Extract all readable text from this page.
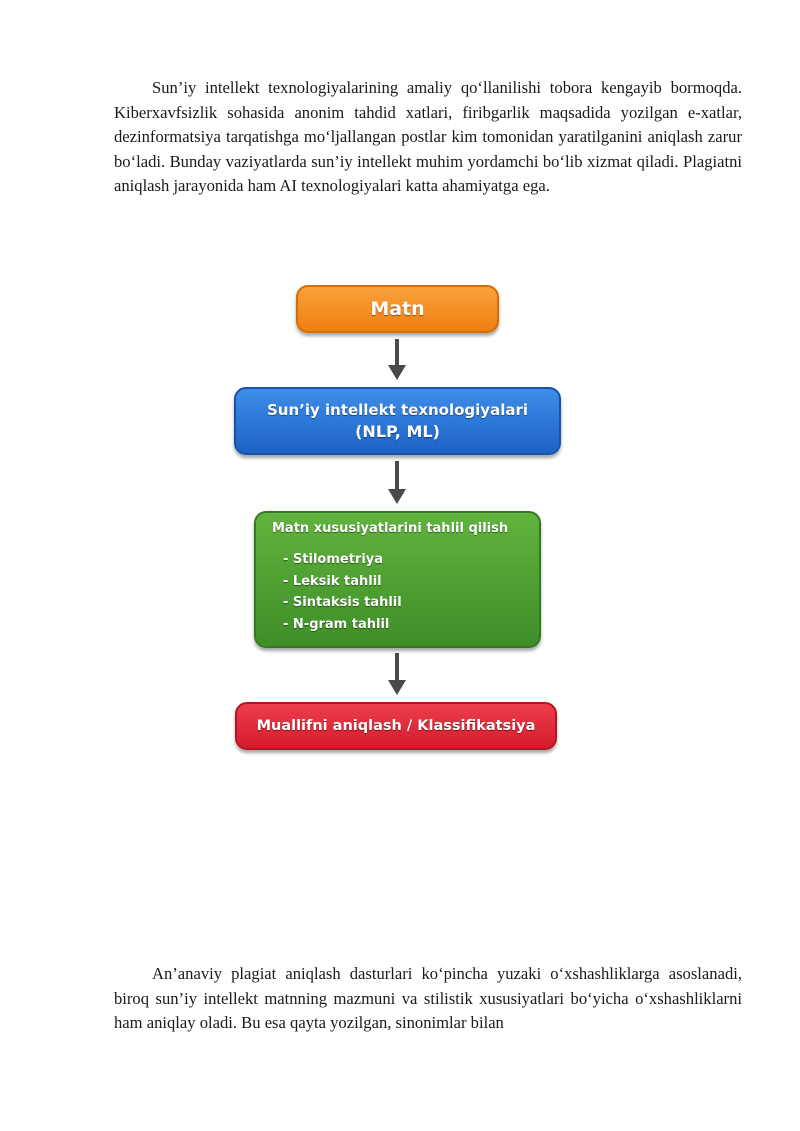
Sun’iy intellekt texnologiyalarining amaliy qo‘llanilishi tobora kengayib bormoqda. Kiberxavfsizlik sohasida anonim tahdid xatlari, firibgarlik maqsadida yozilgan e-xatlar, dezinformatsiya tarqatishga mo‘ljallangan postlar kim tomonidan yaratilganini aniqlash zarur bo‘ladi. Bunday vaziyatlarda sun’iy intellekt muhim yordamchi bo‘lib xizmat qiladi. Plagiatni aniqlash jarayonida ham AI texnologiyalari katta ahamiyatga ega.

Matn
Sun’iy intellekt texnologiyalari
(NLP, ML)
Matn xususiyatlarini tahlil qilish
- Stilometriya
- Leksik tahlil
- Sintaksis tahlil
- N-gram tahlil
Muallifni aniqlash / Klassifikatsiya

An’anaviy plagiat aniqlash dasturlari ko‘pincha yuzaki o‘xshashliklarga asoslanadi, biroq sun’iy intellekt matnning mazmuni va stilistik xususiyatlari bo‘yicha o‘xshashliklarni ham aniqlay oladi. Bu esa qayta yozilgan, sinonimlar bilan
